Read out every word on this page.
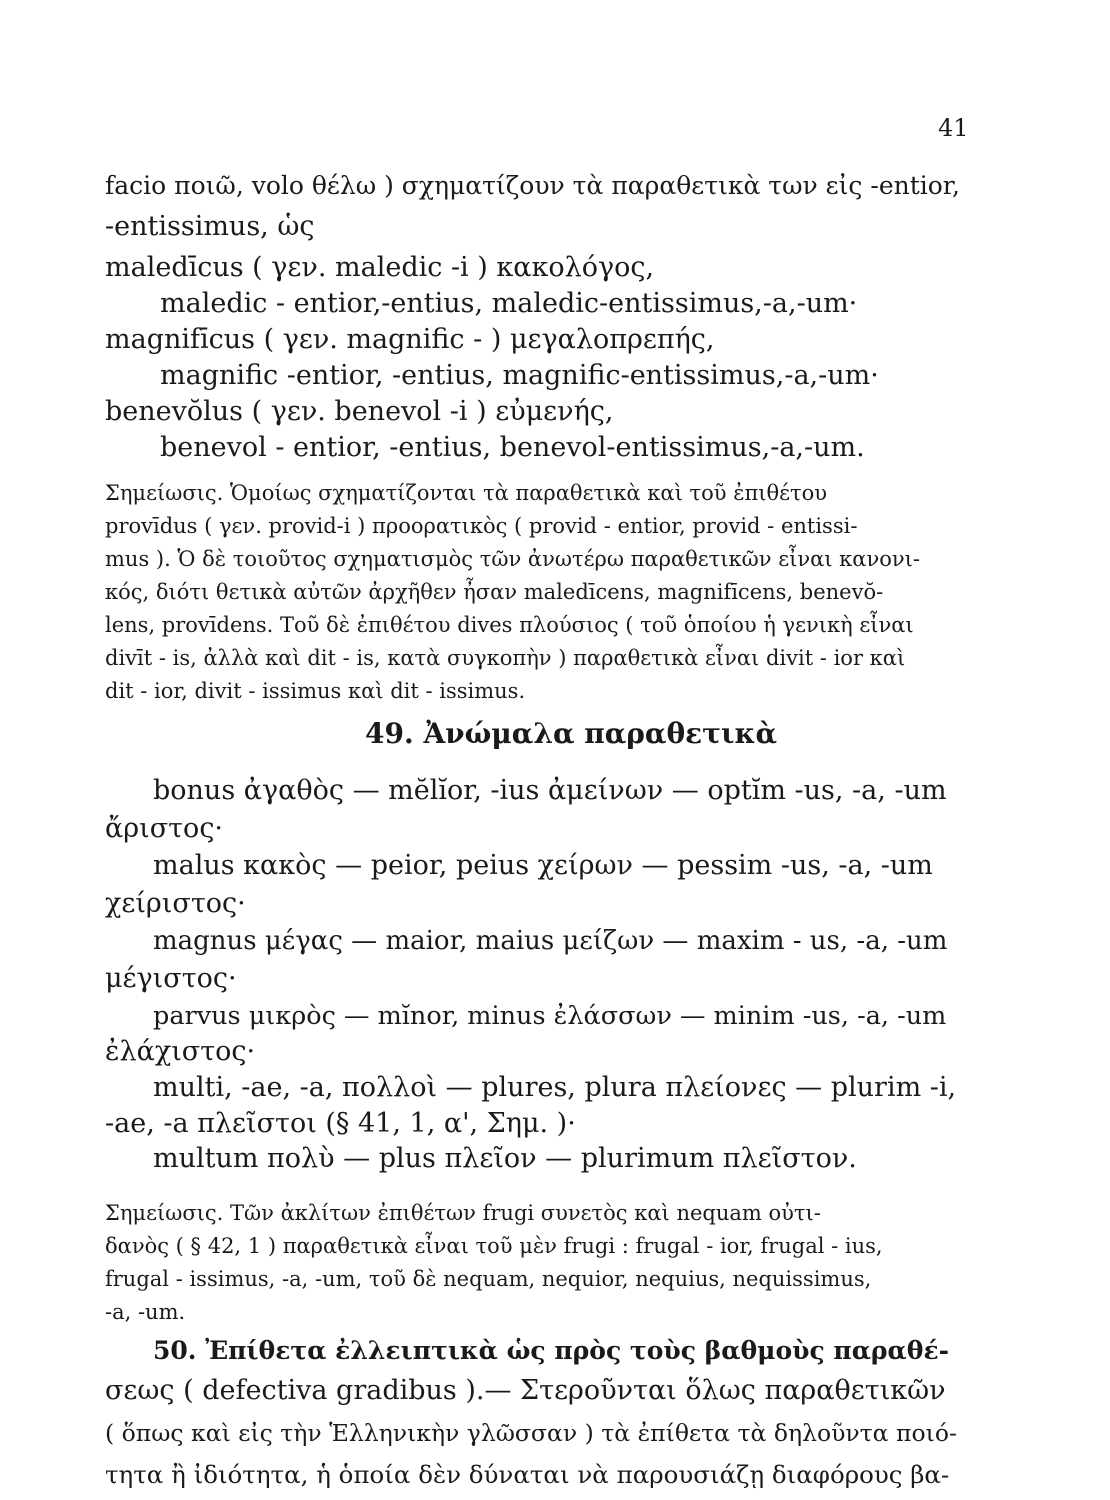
41
facio ποιῶ, volo θέλω ) σχηματίζουν τὰ παραθετικὰ των εἰς -entior,
-entissimus, ὡς
maledīcus ( γεν. maledic -i ) κακολόγος,
maledic - entior,-entius, maledic-entissimus,-a,-um·
magnifīcus ( γεν. magnific - ) μεγαλοπρεπής,
magnific -entior, -entius, magnific-entissimus,-a,-um·
benevŏlus ( γεν. benevol -i ) εὐμενής,
benevol - entior, -entius, benevol-entissimus,-a,-um.
Σημείωσις. Ὁμοίως σχηματίζονται τὰ παραθετικὰ καὶ τοῦ ἐπιθέτου
provīdus ( γεν. provid-i ) προορατικὸς ( provid - entior, provid - entissi-
mus ). Ὁ δὲ τοιοῦτος σχηματισμὸς τῶν ἀνωτέρω παραθετικῶν εἶναι κανονι-
κός, διότι θετικὰ αὐτῶν ἀρχῆθεν ἦσαν maledīcens, magnifīcens, benevŏ-
lens, provīdens. Τοῦ δὲ ἐπιθέτου dives πλούσιος ( τοῦ ὁποίου ἡ γενικὴ εἶναι
divīt - is, ἀλλὰ καὶ dit - is, κατὰ συγκοπὴν ) παραθετικὰ εἶναι divit - ior καὶ
dit - ior, divit - issimus καὶ dit - issimus.
49. Ἀνώμαλα παραθετικὰ
bonus ἀγαθὸς — mĕlĭor, -ius ἀμείνων — optĭm -us, -a, -um
ἄριστος·
malus κακὸς — peior, peius χείρων — pessim -us, -a, -um
χείριστος·
magnus μέγας — maior, maius μείζων — maxim - us, -a, -um
μέγιστος·
parvus μικρὸς — mĭnor, minus ἐλάσσων — minim -us, -a, -um
ἐλάχιστος·
multi, -ae, -a, πολλοὶ — plures, plura πλείονες — plurim -i,
-ae, -a πλεῖστοι (§ 41, 1, α', Σημ. )·
multum πολὺ — plus πλεῖον — plurimum πλεῖστον.
Σημείωσις. Τῶν ἀκλίτων ἐπιθέτων frugi συνετὸς καὶ nequam οὐτι-
δανὸς ( § 42, 1 ) παραθετικὰ εἶναι τοῦ μὲν frugi : frugal - ior, frugal - ius,
frugal - issimus, -a, -um, τοῦ δὲ nequam, nequior, nequius, nequissimus,
-a, -um.
50. Ἐπίθετα ἐλλειπτικὰ ὡς πρὸς τοὺς βαθμοὺς παραθέ-
σεως ( defectiva gradibus ).— Στεροῦνται ὅλως παραθετικῶν
( ὅπως καὶ εἰς τὴν Ἑλληνικὴν γλῶσσαν ) τὰ ἐπίθετα τὰ δηλοῦντα ποιό-
τητα ἢ ἰδιότητα, ἡ ὁποία δὲν δύναται νὰ παρουσιάζῃ διαφόρους βα-
